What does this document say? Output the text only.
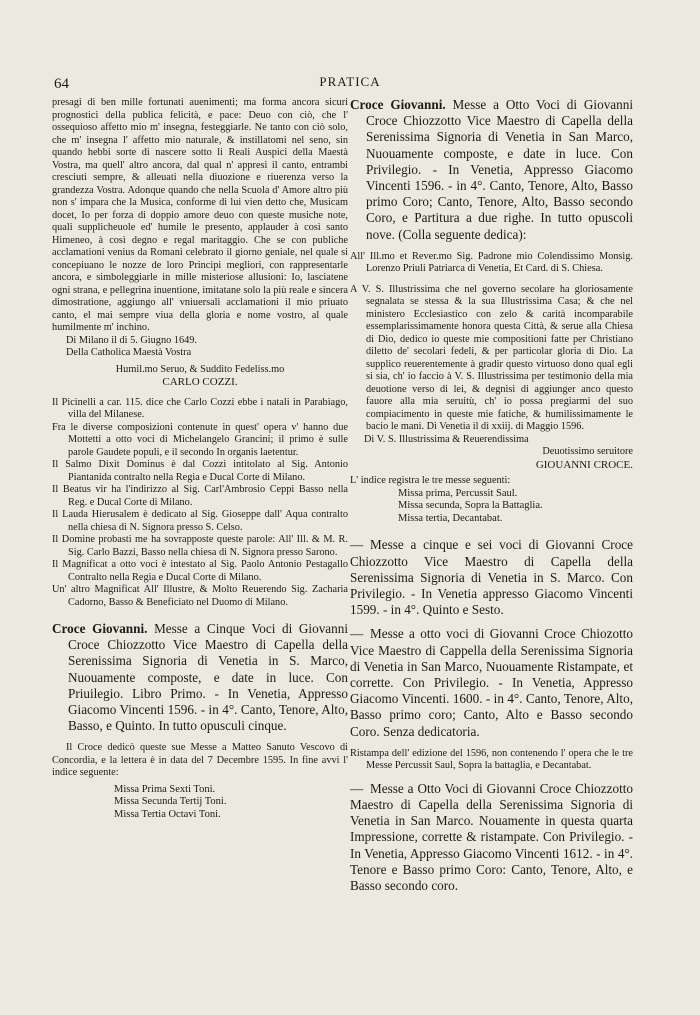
64	PRATICA

presagi di ben mille fortunati auenimenti; ma forma ancora sicuri prognostici della publica felicità, e pace: Deuo con ciò, che l' ossequioso affetto mio m' insegna, festeggiarle. Ne tanto con ciò solo, che m' insegna l' affetto mio naturale, & instillatomi nel seno, sin quando hebbi sorte di nascere sotto li Reali Auspici della Maestà Vostra, ma quell' altro ancora, dal qual n' appresi il canto, entrambi cresciuti sempre, & alleuati nella diuozione e riuerenza verso la grandezza Vostra. Adonque quando che nella Scuola d' Amore altro più non s' impara che la Musica, conforme di lui vien detto che, Musicam docet, Io per forza di doppio amore deuo con queste musiche note, quali supplicheuole ed' humile le presento, applauder à così santo Himeneo, à così degno e regal maritaggio. Che se con publiche acclamationi venius da Romani celebrato il giorno geniale, nel quale si concepiuano le nozze de loro Principi megliori, con rappresentarle ancora, e simboleggiarle in mille misteriose allusioni: Io, lasciatene ogni strana, e pellegrina inuentione, imitatane solo la più reale e sincera dimostratione, aggiungo all' vniuersali acclamationi il mio priuato canto, el mai sempre viua della gloria e nome vostro, al quale humilmente m' inchino.

Di Milano il dì 5. Giugno 1649.

Della Catholica Maestà Vostra

Humil.mo Seruo, & Suddito Fedeliss.mo

CARLO COZZI.

Il Picinelli a car. 115. dice che Carlo Cozzi ebbe i natali in Parabiago, villa del Milanese.

Fra le diverse composizioni contenute in quest' opera v' hanno due Mottetti a otto voci di Michelangelo Grancini; il primo è sulle parole Gaudete populi, e il secondo In organis laetentur.

Il Salmo Dixit Dominus è dal Cozzi intitolato al Sig. Antonio Piantanida contralto nella Regia e Ducal Corte di Milano.

Il Beatus vir ha l'indirizzo al Sig. Carl'Ambrosio Ceppi Basso nella Reg. e Ducal Corte di Milano.

Il Lauda Hierusalem è dedicato al Sig. Gioseppe dall' Aqua contralto nella chiesa di N. Signora presso S. Celso.

Il Domine probasti me ha sovrapposte queste parole: All' Ill. & M. R. Sig. Carlo Bazzi, Basso nella chiesa di N. Signora presso Sarono.

Il Magnificat a otto voci è intestato al Sig. Paolo Antonio Pestagallo Contralto nella Regia e Ducal Corte di Milano.

Un' altro Magnificat All' Illustre, & Molto Reuerendo Sig. Zacharia Cadorno, Basso & Beneficiato nel Duomo di Milano.

Croce Giovanni. Messe a Cinque Voci di Giovanni Croce Chiozzotto Vice Maestro di Capella della Serenissima Signoria di Venetia in S. Marco, Nuouamente composte, e date in luce. Con Priuilegio. Libro Primo. - In Venetia, Appresso Giacomo Vincenti 1596. - in 4°. Canto, Tenore, Alto, Basso, e Quinto. In tutto opusculi cinque.

Il Croce dedicò queste sue Messe a Matteo Sanuto Vescovo di Concordia, e la lettera è in data del 7 Decembre 1595. In fine avvi l' indice seguente:

Missa Prima Sexti Toni.
Missa Secunda Tertij Toni.
Missa Tertia Octavi Toni.

Croce Giovanni. Messe a Otto Voci di Giovanni Croce Chiozzotto Vice Maestro di Capella della Serenissima Signoria di Venetia in San Marco, Nuouamente composte, e date in luce. Con Privilegio. - In Venetia, Appresso Giacomo Vincenti 1596. - in 4°. Canto, Tenore, Alto, Basso primo Coro; Canto, Tenore, Alto, Basso secondo Coro, e Partitura a due righe. In tutto opuscoli nove. (Colla seguente dedica):

All' Ill.mo et Rever.mo Sig. Padrone mio Colendissimo Monsig. Lorenzo Priuli Patriarca di Venetia, Et Card. di S. Chiesa.

A V. S. Illustrissima che nel governo secolare ha gloriosamente segnalata se stessa & la sua Illustrissima Casa; & che nel ministero Ecclesiastico con zelo & carità incomparabile essemplarissimamente honora questa Città, & serue alla Chiesa di Dio, dedico io queste mie compositioni fatte per Christiano diletto de' secolari fedeli, & per particolar gloria di Dio. La supplico reuerentemente à gradir questo virtuoso dono qual egli si sia, ch' io faccio à V. S. Illustrissima per testimonio della mia deuotione verso di lei, & degnisi di aggiunger anco questo fauore alla mia seruitù, ch' io possa pregiarmi del suo compiacimento in queste mie fatiche, & humilissimamente le bacio le mani. Di Venetia il dì xxiij. di Maggio 1596.

Di V. S. Illustrissima & Reuerendissima

Deuotissimo seruitore

GIOUANNI CROCE.

L' indice registra le tre messe seguenti:

Missa prima, Percussit Saul.
Missa secunda, Sopra la Battaglia.
Missa tertia, Decantabat.

— Messe a cinque e sei voci di Giovanni Croce Chiozzotto Vice Maestro di Capella della Serenissima Signoria di Venetia in S. Marco. Con Privilegio. - In Venetia appresso Giacomo Vincenti 1599. - in 4°. Quinto e Sesto.

— Messe a otto voci di Giovanni Croce Chiozotto Vice Maestro di Cappella della Serenissima Signoria di Venetia in San Marco, Nuouamente Ristampate, et corrette. Con Privilegio. - In Venetia, Appresso Giacomo Vincenti. 1600. - in 4°. Canto, Tenore, Alto, Basso primo coro; Canto, Alto e Basso secondo Coro. Senza dedicatoria.

Ristampa dell' edizione del 1596, non contenendo l' opera che le tre Messe Percussit Saul, Sopra la battaglia, e Decantabat.

— Messe a Otto Voci di Giovanni Croce Chiozzotto Maestro di Capella della Serenissima Signoria di Venetia in San Marco. Nouamente in questa quarta Impressione, corrette & ristampate. Con Privilegio. - In Venetia, Appresso Giacomo Vincenti 1612. - in 4°. Tenore e Basso primo Coro: Canto, Tenore, Alto, e Basso secondo coro.
